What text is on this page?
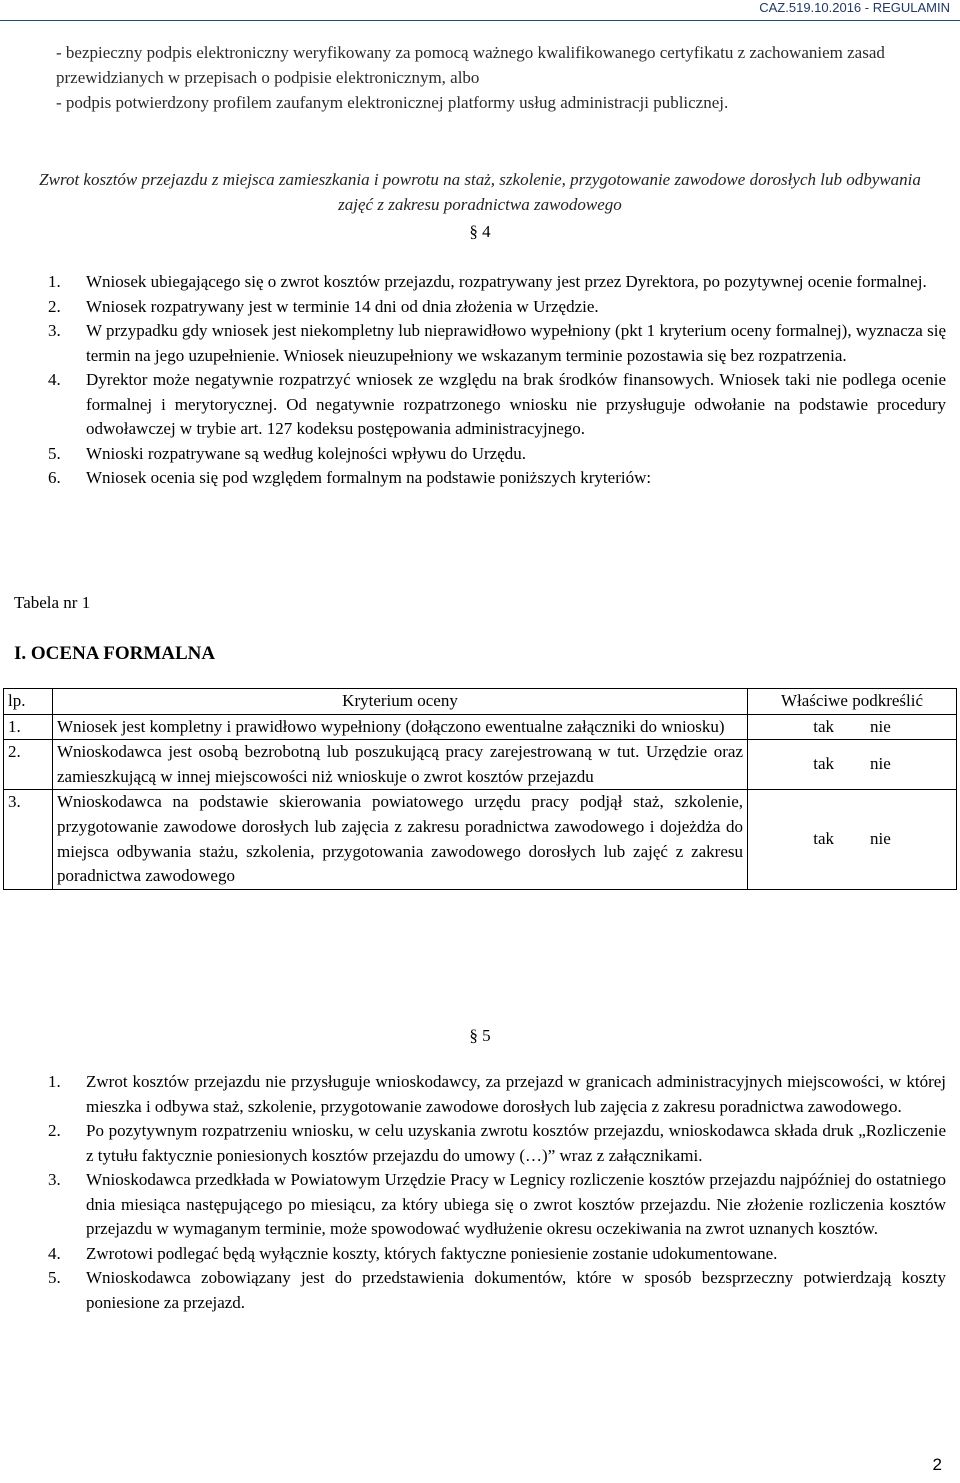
CAZ.519.10.2016 - REGULAMIN

- bezpieczny podpis elektroniczny weryfikowany za pomocą ważnego kwalifikowanego certyfikatu z zachowaniem zasad przewidzianych w przepisach o podpisie elektronicznym, albo

- podpis potwierdzony profilem zaufanym elektronicznej platformy usług administracji publicznej.

Zwrot kosztów przejazdu z miejsca zamieszkania i powrotu na staż, szkolenie, przygotowanie zawodowe dorosłych lub odbywania zajęć z zakresu poradnictwa zawodowego
§ 4
1. Wniosek ubiegającego się o zwrot kosztów przejazdu, rozpatrywany jest przez Dyrektora, po pozytywnej ocenie formalnej.
2. Wniosek rozpatrywany jest w terminie 14 dni od dnia złożenia w Urzędzie.
3. W przypadku gdy wniosek jest niekompletny lub nieprawidłowo wypełniony (pkt 1 kryterium oceny formalnej), wyznacza się termin na jego uzupełnienie. Wniosek nieuzupełniony we wskazanym terminie pozostawia się bez rozpatrzenia.
4. Dyrektor może negatywnie rozpatrzyć wniosek ze względu na brak środków finansowych. Wniosek taki nie podlega ocenie formalnej i merytorycznej. Od negatywnie rozpatrzonego wniosku nie przysługuje odwołanie na podstawie procedury odwoławczej w trybie art. 127 kodeksu postępowania administracyjnego.
5. Wnioski rozpatrywane są według kolejności wpływu do Urzędu.
6. Wniosek ocenia się pod względem formalnym na podstawie poniższych kryteriów:
Tabela nr 1
I. OCENA FORMALNA
lp.	Kryterium oceny	Właściwe podkreślić
1.	Wniosek jest kompletny i prawidłowo wypełniony (dołączono ewentualne załączniki do wniosku)	tak nie
2.	Wnioskodawca jest osobą bezrobotną lub poszukującą pracy zarejestrowaną w tut. Urzędzie oraz zamieszkującą w innej miejscowości niż wnioskuje o zwrot kosztów przejazdu	tak nie
3.	Wnioskodawca na podstawie skierowania powiatowego urzędu pracy podjął staż, szkolenie, przygotowanie zawodowe dorosłych lub zajęcia z zakresu poradnictwa zawodowego i dojeżdża do miejsca odbywania stażu, szkolenia, przygotowania zawodowego dorosłych lub zajęć z zakresu poradnictwa zawodowego	tak nie
§ 5
1. Zwrot kosztów przejazdu nie przysługuje wnioskodawcy, za przejazd w granicach administracyjnych miejscowości, w której mieszka i odbywa staż, szkolenie, przygotowanie zawodowe dorosłych lub zajęcia z zakresu poradnictwa zawodowego.
2. Po pozytywnym rozpatrzeniu wniosku, w celu uzyskania zwrotu kosztów przejazdu, wnioskodawca składa druk „Rozliczenie z tytułu faktycznie poniesionych kosztów przejazdu do umowy (…)” wraz z załącznikami.
3. Wnioskodawca przedkłada w Powiatowym Urzędzie Pracy w Legnicy rozliczenie kosztów przejazdu najpóźniej do ostatniego dnia miesiąca następującego po miesiącu, za który ubiega się o zwrot kosztów przejazdu. Nie złożenie rozliczenia kosztów przejazdu w wymaganym terminie, może spowodować wydłużenie okresu oczekiwania na zwrot uznanych kosztów.
4. Zwrotowi podlegać będą wyłącznie koszty, których faktyczne poniesienie zostanie udokumentowane.
5. Wnioskodawca zobowiązany jest do przedstawienia dokumentów, które w sposób bezsprzeczny potwierdzają koszty poniesione za przejazd.
2
